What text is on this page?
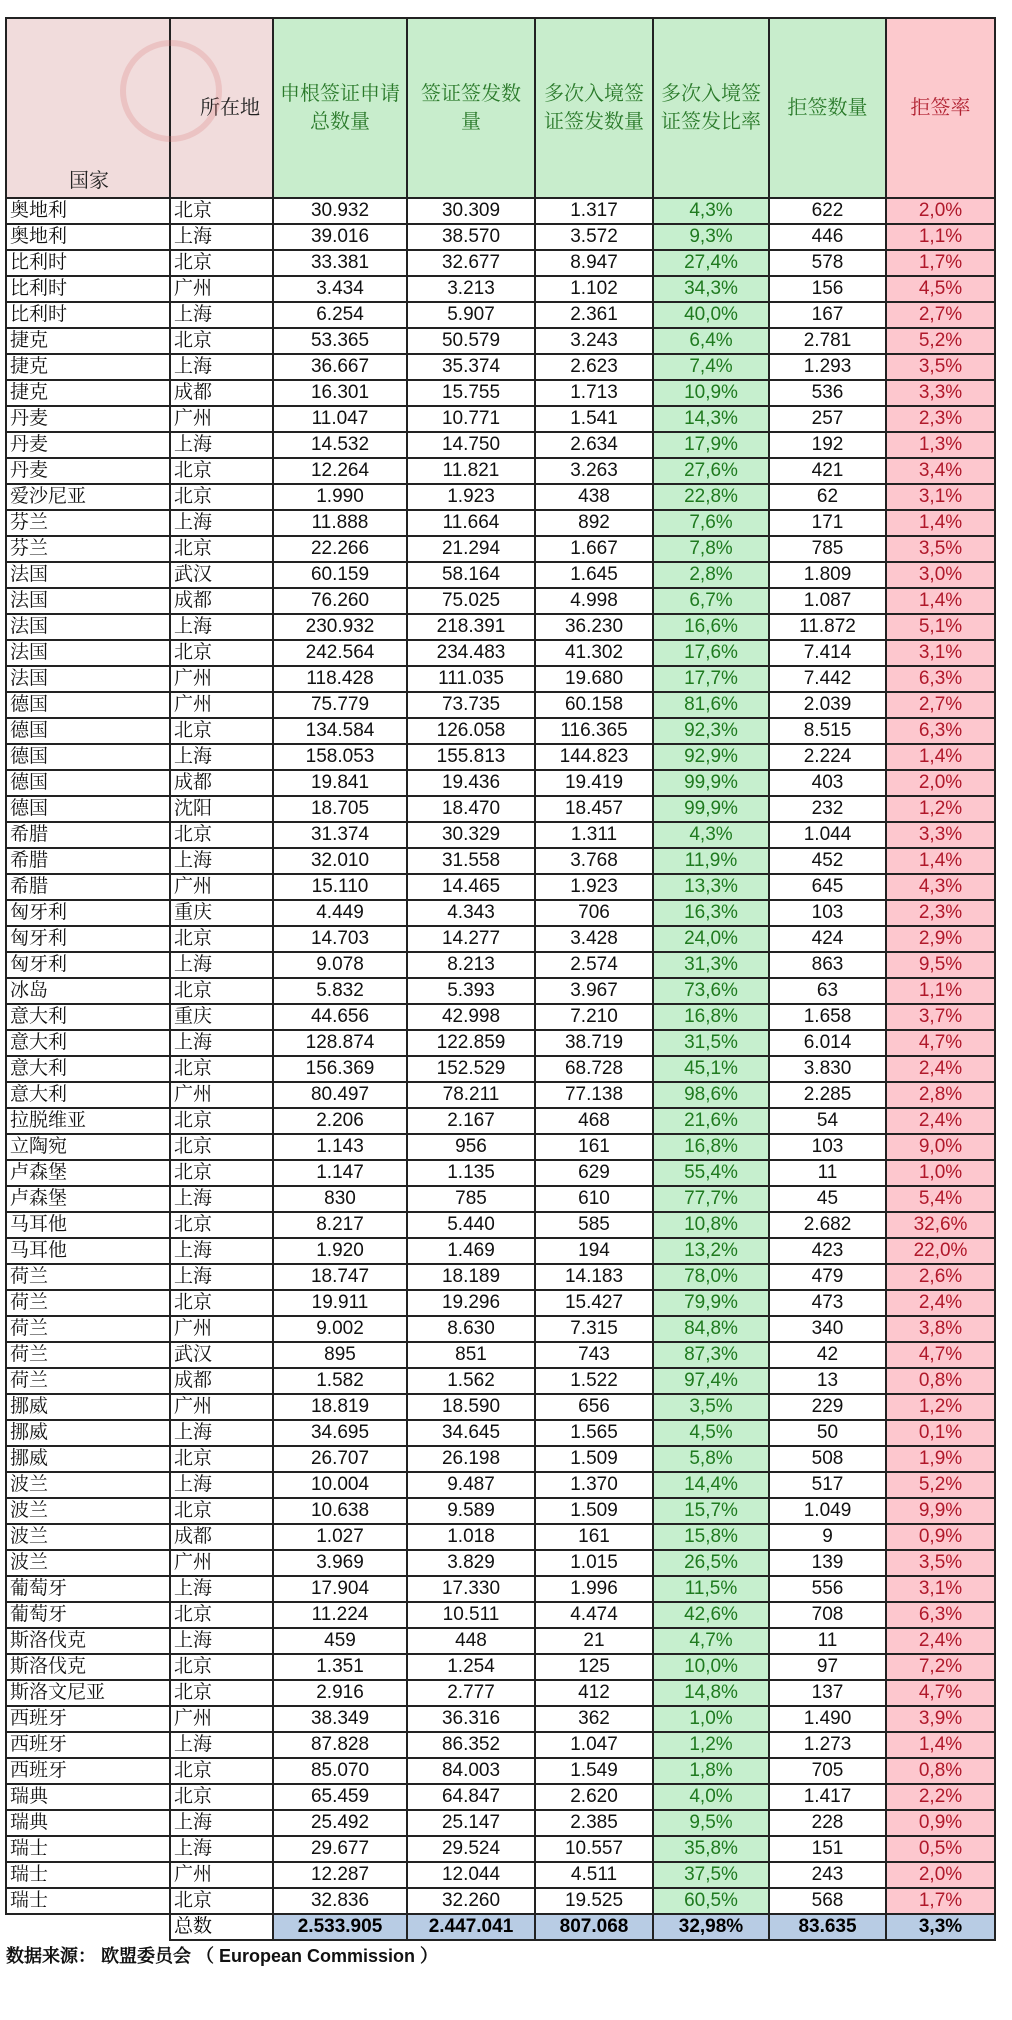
国家	所在地	申根签证申请总数量	签证签发数量	多次入境签证签发数量	多次入境签证签发比率	拒签数量	拒签率
奥地利	北京	30.932	30.309	1.317	4,3%	622	2,0%
奥地利	上海	39.016	38.570	3.572	9,3%	446	1,1%
比利时	北京	33.381	32.677	8.947	27,4%	578	1,7%
比利时	广州	3.434	3.213	1.102	34,3%	156	4,5%
比利时	上海	6.254	5.907	2.361	40,0%	167	2,7%
捷克	北京	53.365	50.579	3.243	6,4%	2.781	5,2%
捷克	上海	36.667	35.374	2.623	7,4%	1.293	3,5%
捷克	成都	16.301	15.755	1.713	10,9%	536	3,3%
丹麦	广州	11.047	10.771	1.541	14,3%	257	2,3%
丹麦	上海	14.532	14.750	2.634	17,9%	192	1,3%
丹麦	北京	12.264	11.821	3.263	27,6%	421	3,4%
爱沙尼亚	北京	1.990	1.923	438	22,8%	62	3,1%
芬兰	上海	11.888	11.664	892	7,6%	171	1,4%
芬兰	北京	22.266	21.294	1.667	7,8%	785	3,5%
法国	武汉	60.159	58.164	1.645	2,8%	1.809	3,0%
法国	成都	76.260	75.025	4.998	6,7%	1.087	1,4%
法国	上海	230.932	218.391	36.230	16,6%	11.872	5,1%
法国	北京	242.564	234.483	41.302	17,6%	7.414	3,1%
法国	广州	118.428	111.035	19.680	17,7%	7.442	6,3%
德国	广州	75.779	73.735	60.158	81,6%	2.039	2,7%
德国	北京	134.584	126.058	116.365	92,3%	8.515	6,3%
德国	上海	158.053	155.813	144.823	92,9%	2.224	1,4%
德国	成都	19.841	19.436	19.419	99,9%	403	2,0%
德国	沈阳	18.705	18.470	18.457	99,9%	232	1,2%
希腊	北京	31.374	30.329	1.311	4,3%	1.044	3,3%
希腊	上海	32.010	31.558	3.768	11,9%	452	1,4%
希腊	广州	15.110	14.465	1.923	13,3%	645	4,3%
匈牙利	重庆	4.449	4.343	706	16,3%	103	2,3%
匈牙利	北京	14.703	14.277	3.428	24,0%	424	2,9%
匈牙利	上海	9.078	8.213	2.574	31,3%	863	9,5%
冰岛	北京	5.832	5.393	3.967	73,6%	63	1,1%
意大利	重庆	44.656	42.998	7.210	16,8%	1.658	3,7%
意大利	上海	128.874	122.859	38.719	31,5%	6.014	4,7%
意大利	北京	156.369	152.529	68.728	45,1%	3.830	2,4%
意大利	广州	80.497	78.211	77.138	98,6%	2.285	2,8%
拉脱维亚	北京	2.206	2.167	468	21,6%	54	2,4%
立陶宛	北京	1.143	956	161	16,8%	103	9,0%
卢森堡	北京	1.147	1.135	629	55,4%	11	1,0%
卢森堡	上海	830	785	610	77,7%	45	5,4%
马耳他	北京	8.217	5.440	585	10,8%	2.682	32,6%
马耳他	上海	1.920	1.469	194	13,2%	423	22,0%
荷兰	上海	18.747	18.189	14.183	78,0%	479	2,6%
荷兰	北京	19.911	19.296	15.427	79,9%	473	2,4%
荷兰	广州	9.002	8.630	7.315	84,8%	340	3,8%
荷兰	武汉	895	851	743	87,3%	42	4,7%
荷兰	成都	1.582	1.562	1.522	97,4%	13	0,8%
挪威	广州	18.819	18.590	656	3,5%	229	1,2%
挪威	上海	34.695	34.645	1.565	4,5%	50	0,1%
挪威	北京	26.707	26.198	1.509	5,8%	508	1,9%
波兰	上海	10.004	9.487	1.370	14,4%	517	5,2%
波兰	北京	10.638	9.589	1.509	15,7%	1.049	9,9%
波兰	成都	1.027	1.018	161	15,8%	9	0,9%
波兰	广州	3.969	3.829	1.015	26,5%	139	3,5%
葡萄牙	上海	17.904	17.330	1.996	11,5%	556	3,1%
葡萄牙	北京	11.224	10.511	4.474	42,6%	708	6,3%
斯洛伐克	上海	459	448	21	4,7%	11	2,4%
斯洛伐克	北京	1.351	1.254	125	10,0%	97	7,2%
斯洛文尼亚	北京	2.916	2.777	412	14,8%	137	4,7%
西班牙	广州	38.349	36.316	362	1,0%	1.490	3,9%
西班牙	上海	87.828	86.352	1.047	1,2%	1.273	1,4%
西班牙	北京	85.070	84.003	1.549	1,8%	705	0,8%
瑞典	北京	65.459	64.847	2.620	4,0%	1.417	2,2%
瑞典	上海	25.492	25.147	2.385	9,5%	228	0,9%
瑞士	上海	29.677	29.524	10.557	35,8%	151	0,5%
瑞士	广州	12.287	12.044	4.511	37,5%	243	2,0%
瑞士	北京	32.836	32.260	19.525	60,5%	568	1,7%
	总数	2.533.905	2.447.041	807.068	32,98%	83.635	3,3%
数据来源： 欧盟委员会 （ European Commission ）
